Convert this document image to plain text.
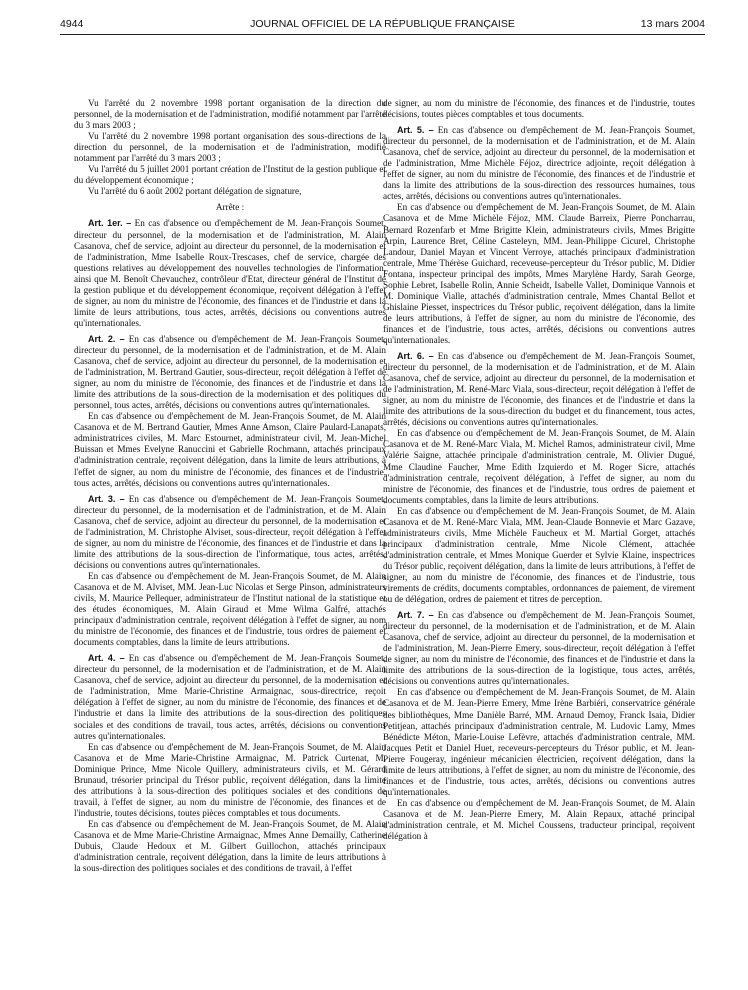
4944	JOURNAL OFFICIEL DE LA RÉPUBLIQUE FRANÇAISE	13 mars 2004

Vu l'arrêté du 2 novembre 1998 portant organisation de la direction du personnel, de la modernisation et de l'administration, modifié notamment par l'arrêté du 3 mars 2003 ;

Vu l'arrêté du 2 novembre 1998 portant organisation des sous-directions de la direction du personnel, de la modernisation et de l'administration, modifié notamment par l'arrêté du 3 mars 2003 ;

Vu l'arrêté du 5 juillet 2001 portant création de l'Institut de la gestion publique et du développement économique ;

Vu l'arrêté du 6 août 2002 portant délégation de signature,

Arrête :

Art. 1er. – En cas d'absence ou d'empêchement de M. Jean-François Soumet, directeur du personnel, de la modernisation et de l'administration, M. Alain Casanova, chef de service, adjoint au directeur du personnel, de la modernisation et de l'administration, Mme Isabelle Roux-Trescases, chef de service, chargée des questions relatives au développement des nouvelles technologies de l'information, ainsi que M. Benoît Chevauchez, contrôleur d'Etat, directeur général de l'Institut de la gestion publique et du développement économique, reçoivent délégation à l'effet de signer, au nom du ministre de l'économie, des finances et de l'industrie et dans la limite de leurs attributions, tous actes, arrêtés, décisions ou conventions autres qu'internationales.

Art. 2. – En cas d'absence ou d'empêchement de M. Jean-François Soumet, directeur du personnel, de la modernisation et de l'administration, et de M. Alain Casanova, chef de service, adjoint au directeur du personnel, de la modernisation et de l'administration, M. Bertrand Gautier, sous-directeur, reçoit délégation à l'effet de signer, au nom du ministre de l'économie, des finances et de l'industrie et dans la limite des attributions de la sous-direction de la modernisation et des politiques du personnel, tous actes, arrêtés, décisions ou conventions autres qu'internationales.

En cas d'absence ou d'empêchement de M. Jean-François Soumet, de M. Alain Casanova et de M. Bertrand Gautier, Mmes Anne Amson, Claire Paulard-Lanapats, administratrices civiles, M. Marc Estournet, administrateur civil, M. Jean-Michel Buissan et Mmes Evelyne Ranuccini et Gabrielle Rochmann, attachés principaux d'administration centrale, reçoivent délégation, dans la limite de leurs attributions, à l'effet de signer, au nom du ministre de l'économie, des finances et de l'industrie, tous actes, arrêtés, décisions ou conventions autres qu'internationales.

Art. 3. – En cas d'absence ou d'empêchement de M. Jean-François Soumet, directeur du personnel, de la modernisation et de l'administration, et de M. Alain Casanova, chef de service, adjoint au directeur du personnel, de la modernisation et de l'administration, M. Christophe Alviset, sous-directeur, reçoit délégation à l'effet de signer, au nom du ministre de l'économie, des finances et de l'industrie et dans la limite des attributions de la sous-direction de l'informatique, tous actes, arrêtés, décisions ou conventions autres qu'internationales.

En cas d'absence ou d'empêchement de M. Jean-François Soumet, de M. Alain Casanova et de M. Alviset, MM. Jean-Luc Nicolas et Serge Pinson, administrateurs civils, M. Maurice Pellequer, administrateur de l'Institut national de la statistique et des études économiques, M. Alain Giraud et Mme Wilma Galfré, attachés principaux d'administration centrale, reçoivent délégation à l'effet de signer, au nom du ministre de l'économie, des finances et de l'industrie, tous ordres de paiement et documents comptables, dans la limite de leurs attributions.

Art. 4. – En cas d'absence ou d'empêchement de M. Jean-François Soumet, directeur du personnel, de la modernisation et de l'administration, et de M. Alain Casanova, chef de service, adjoint au directeur du personnel, de la modernisation et de l'administration, Mme Marie-Christine Armaignac, sous-directrice, reçoit délégation à l'effet de signer, au nom du ministre de l'économie, des finances et de l'industrie et dans la limite des attributions de la sous-direction des politiques sociales et des conditions de travail, tous actes, arrêtés, décisions ou conventions autres qu'internationales.

En cas d'absence ou d'empêchement de M. Jean-François Soumet, de M. Alain Casanova et de Mme Marie-Christine Armaignac, M. Patrick Curtenat, M. Dominique Prince, Mme Nicole Quillery, administrateurs civils, et M. Gérard Brunaud, trésorier principal du Trésor public, reçoivent délégation, dans la limite des attributions à la sous-direction des politiques sociales et des conditions de travail, à l'effet de signer, au nom du ministre de l'économie, des finances et de l'industrie, toutes décisions, toutes pièces comptables et tous documents.

En cas d'absence ou d'empêchement de M. Jean-François Soumet, de M. Alain Casanova et de Mme Marie-Christine Armaignac, Mmes Anne Demailly, Catherine Dubuis, Claude Hedoux et M. Gilbert Guillochon, attachés principaux d'administration centrale, reçoivent délégation, dans la limite de leurs attributions à la sous-direction des politiques sociales et des conditions de travail, à l'effet

de signer, au nom du ministre de l'économie, des finances et de l'industrie, toutes décisions, toutes pièces comptables et tous documents.

Art. 5. – En cas d'absence ou d'empêchement de M. Jean-François Soumet, directeur du personnel, de la modernisation et de l'administration, et de M. Alain Casanova, chef de service, adjoint au directeur du personnel, de la modernisation et de l'administration, Mme Michèle Féjoz, directrice adjointe, reçoit délégation à l'effet de signer, au nom du ministre de l'économie, des finances et de l'industrie et dans la limite des attributions de la sous-direction des ressources humaines, tous actes, arrêtés, décisions ou conventions autres qu'internationales.

En cas d'absence ou d'empêchement de M. Jean-François Soumet, de M. Alain Casanova et de Mme Michèle Féjoz, MM. Claude Barreix, Pierre Poncharrau, Bernard Rozenfarb et Mme Brigitte Klein, administrateurs civils, Mmes Brigitte Arpin, Laurence Bret, Céline Casteleyn, MM. Jean-Philippe Cicurel, Christophe Landour, Daniel Mayan et Vincent Verroye, attachés principaux d'administration centrale, Mme Thérèse Guichard, receveuse-percepteur du Trésor public, M. Didier Fontana, inspecteur principal des impôts, Mmes Marylène Hardy, Sarah George, Sophie Lebret, Isabelle Rolin, Annie Scheidt, Isabelle Vallet, Dominique Vannois et M. Dominique Vialle, attachés d'administration centrale, Mmes Chantal Bellot et Ghislaine Piesset, inspectrices du Trésor public, reçoivent délégation, dans la limite de leurs attributions, à l'effet de signer, au nom du ministre de l'économie, des finances et de l'industrie, tous actes, arrêtés, décisions ou conventions autres qu'internationales.

Art. 6. – En cas d'absence ou d'empêchement de M. Jean-François Soumet, directeur du personnel, de la modernisation et de l'administration, et de M. Alain Casanova, chef de service, adjoint au directeur du personnel, de la modernisation et de l'administration, M. René-Marc Viala, sous-directeur, reçoit délégation à l'effet de signer, au nom du ministre de l'économie, des finances et de l'industrie et dans la limite des attributions de la sous-direction du budget et du financement, tous actes, arrêtés, décisions ou conventions autres qu'internationales.

En cas d'absence ou d'empêchement de M. Jean-François Soumet, de M. Alain Casanova et de M. René-Marc Viala, M. Michel Ramos, administrateur civil, Mme Valérie Saigne, attachée principale d'administration centrale, M. Olivier Dugué, Mme Claudine Faucher, Mme Edith Izquierdo et M. Roger Sicre, attachés d'administration centrale, reçoivent délégation, à l'effet de signer, au nom du ministre de l'économie, des finances et de l'industrie, tous ordres de paiement et documents comptables, dans la limite de leurs attributions.

En cas d'absence ou d'empêchement de M. Jean-François Soumet, de M. Alain Casanova et de M. René-Marc Viala, MM. Jean-Claude Bonnevie et Marc Gazave, administrateurs civils, Mme Michèle Faucheux et M. Martial Gorget, attachés principaux d'administration centrale, Mme Nicole Clément, attachée d'administration centrale, et Mmes Monique Guerder et Sylvie Klaine, inspectrices du Trésor public, reçoivent délégation, dans la limite de leurs attributions, à l'effet de signer, au nom du ministre de l'économie, des finances et de l'industrie, tous virements de crédits, documents comptables, ordonnances de paiement, de virement ou de délégation, ordres de paiement et titres de perception.

Art. 7. – En cas d'absence ou d'empêchement de M. Jean-François Soumet, directeur du personnel, de la modernisation et de l'administration, et de M. Alain Casanova, chef de service, adjoint au directeur du personnel, de la modernisation et de l'administration, M. Jean-Pierre Emery, sous-directeur, reçoit délégation à l'effet de signer, au nom du ministre de l'économie, des finances et de l'industrie et dans la limite des attributions de la sous-direction de la logistique, tous actes, arrêtés, décisions ou conventions autres qu'internationales.

En cas d'absence ou d'empêchement de M. Jean-François Soumet, de M. Alain Casanova et de M. Jean-Pierre Emery, Mme Irène Barbiéri, conservatrice générale des bibliothèques, Mme Danièle Barré, MM. Arnaud Demoy, Franck Isaia, Didier Petitjean, attachés principaux d'administration centrale, M. Ludovic Lamy, Mmes Bénédicte Méton, Marie-Louise Lefèvre, attachés d'administration centrale, MM. Jacques Petit et Daniel Huet, receveurs-percepteurs du Trésor public, et M. Jean-Pierre Fougeray, ingénieur mécanicien électricien, reçoivent délégation, dans la limite de leurs attributions, à l'effet de signer, au nom du ministre de l'économie, des finances et de l'industrie, tous actes, arrêtés, décisions ou conventions autres qu'internationales.

En cas d'absence ou d'empêchement de M. Jean-François Soumet, de M. Alain Casanova et de M. Jean-Pierre Emery, M. Alain Repaux, attaché principal d'administration centrale, et M. Michel Coussens, traducteur principal, reçoivent délégation à
